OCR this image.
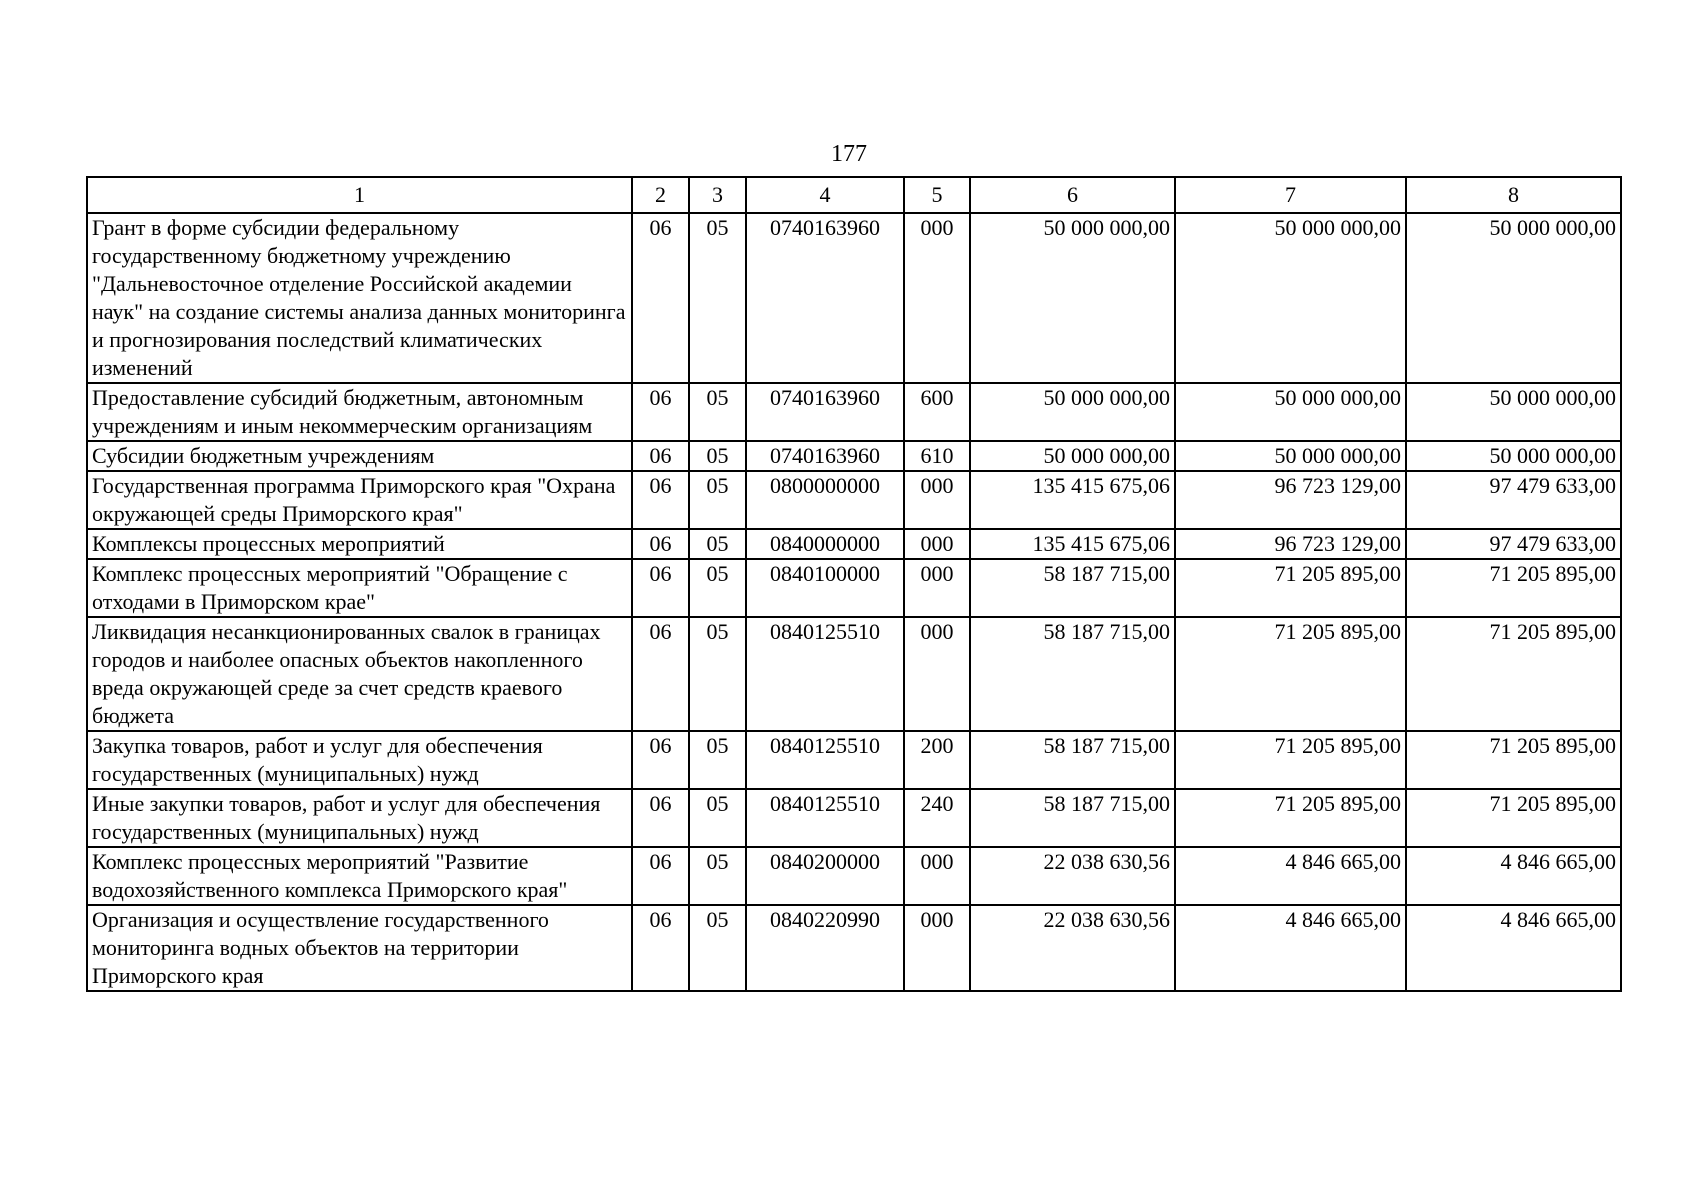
177
1	2	3	4	5	6	7	8
Грант в форме субсидии федеральному государственному бюджетному учреждению "Дальневосточное отделение Российской академии наук" на создание системы анализа данных мониторинга и прогнозирования последствий климатических изменений	06	05	0740163960	000	50 000 000,00	50 000 000,00	50 000 000,00
Предоставление субсидий бюджетным, автономным учреждениям и иным некоммерческим организациям	06	05	0740163960	600	50 000 000,00	50 000 000,00	50 000 000,00
Субсидии бюджетным учреждениям	06	05	0740163960	610	50 000 000,00	50 000 000,00	50 000 000,00
Государственная программа Приморского края "Охрана окружающей среды Приморского края"	06	05	0800000000	000	135 415 675,06	96 723 129,00	97 479 633,00
Комплексы процессных мероприятий	06	05	0840000000	000	135 415 675,06	96 723 129,00	97 479 633,00
Комплекс процессных мероприятий "Обращение с отходами в Приморском крае"	06	05	0840100000	000	58 187 715,00	71 205 895,00	71 205 895,00
Ликвидация несанкционированных свалок в границах городов и наиболее опасных объектов накопленного вреда окружающей среде за счет средств краевого бюджета	06	05	0840125510	000	58 187 715,00	71 205 895,00	71 205 895,00
Закупка товаров, работ и услуг для обеспечения государственных (муниципальных) нужд	06	05	0840125510	200	58 187 715,00	71 205 895,00	71 205 895,00
Иные закупки товаров, работ и услуг для обеспечения государственных (муниципальных) нужд	06	05	0840125510	240	58 187 715,00	71 205 895,00	71 205 895,00
Комплекс процессных мероприятий "Развитие водохозяйственного комплекса Приморского края"	06	05	0840200000	000	22 038 630,56	4 846 665,00	4 846 665,00
Организация и осуществление государственного мониторинга водных объектов на территории Приморского края	06	05	0840220990	000	22 038 630,56	4 846 665,00	4 846 665,00
